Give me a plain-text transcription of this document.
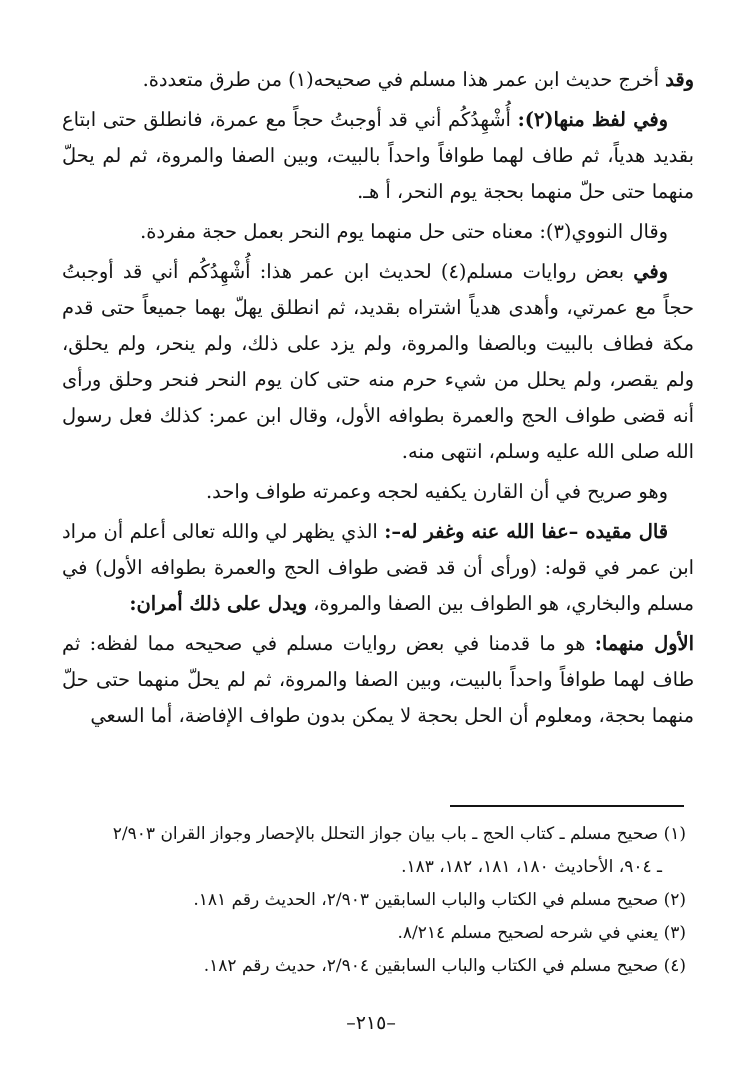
وقد أخرج حديث ابن عمر هذا مسلم في صحيحه(١) من طرق متعددة.

وفي لفظ منها(٢): أُشْهِدُكُم أني قد أوجبتُ حجاً مع عمرة، فانطلق حتى ابتاع بقديد هدياً، ثم طاف لهما طوافاً واحداً بالبيت، وبين الصفا والمروة، ثم لم يحلّ منهما حتى حلّ منهما بحجة يوم النحر، أ هـ.

وقال النووي(٣): معناه حتى حل منهما يوم النحر بعمل حجة مفردة.

وفي بعض روايات مسلم(٤) لحديث ابن عمر هذا: أُشْهِدُكُم أني قد أوجبتُ حجاً مع عمرتي، وأهدى هدياً اشتراه بقديد، ثم انطلق يهلّ بهما جميعاً حتى قدم مكة فطاف بالبيت وبالصفا والمروة، ولم يزد على ذلك، ولم ينحر، ولم يحلق، ولم يقصر، ولم يحلل من شيء حرم منه حتى كان يوم النحر فنحر وحلق ورأى أنه قضى طواف الحج والعمرة بطوافه الأول، وقال ابن عمر: كذلك فعل رسول الله صلى الله عليه وسلم، انتهى منه.

وهو صريح في أن القارن يكفيه لحجه وعمرته طواف واحد.

قال مقيده –عفا الله عنه وغفر له–: الذي يظهر لي والله تعالى أعلم أن مراد ابن عمر في قوله: (ورأى أن قد قضى طواف الحج والعمرة بطوافه الأول) في مسلم والبخاري، هو الطواف بين الصفا والمروة، ويدل على ذلك أمران:

الأول منهما: هو ما قدمنا في بعض روايات مسلم في صحيحه مما لفظه: ثم طاف لهما طوافاً واحداً بالبيت، وبين الصفا والمروة، ثم لم يحلّ منهما حتى حلّ منهما بحجة، ومعلوم أن الحل بحجة لا يمكن بدون طواف الإفاضة، أما السعي

(١) صحيح مسلم ـ كتاب الحج ـ باب بيان جواز التحلل بالإحصار وجواز القران ٢/٩٠٣

ـ ٩٠٤، الأحاديث ١٨٠، ١٨١، ١٨٢، ١٨٣.

(٢) صحيح مسلم في الكتاب والباب السابقين ٢/٩٠٣، الحديث رقم ١٨١.

(٣) يعني في شرحه لصحيح مسلم ٨/٢١٤.

(٤) صحيح مسلم في الكتاب والباب السابقين ٢/٩٠٤، حديث رقم ١٨٢.

–٢١٥–
